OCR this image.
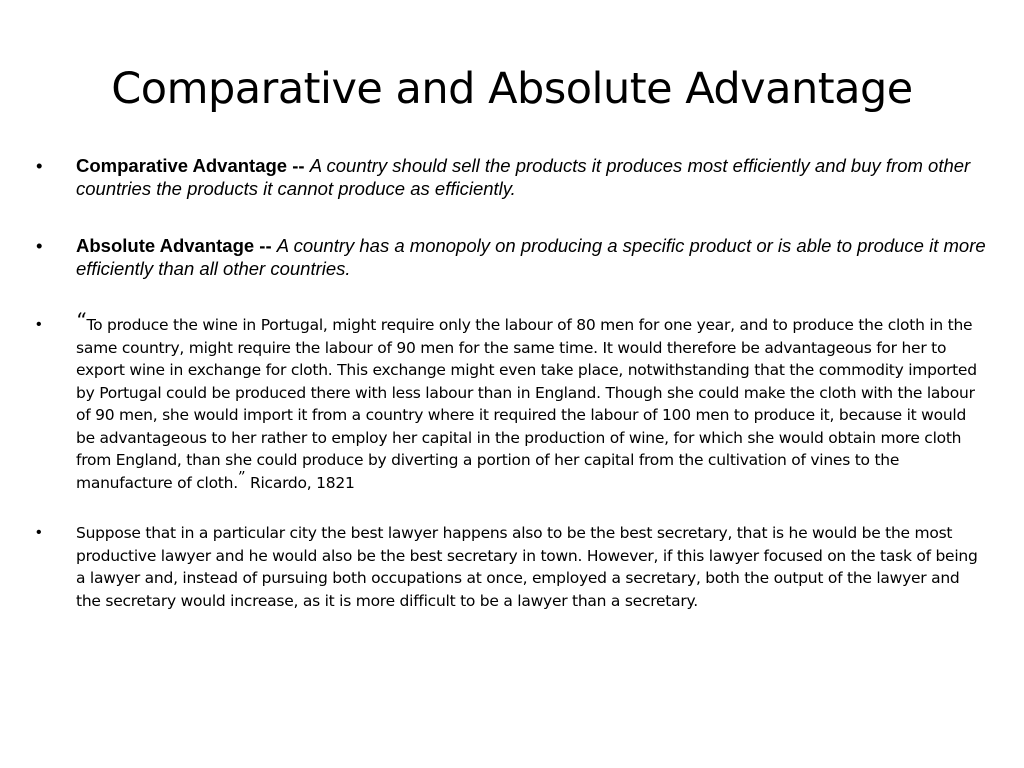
Comparative and Absolute Advantage
• Comparative Advantage -- A country should sell the products it produces most efficiently and buy from other countries the products it cannot produce as efficiently.
• Absolute Advantage -- A country has a monopoly on producing a specific product or is able to produce it more efficiently than all other countries.
• “To produce the wine in Portugal, might require only the labour of 80 men for one year, and to produce the cloth in the same country, might require the labour of 90 men for the same time. It would therefore be advantageous for her to export wine in exchange for cloth. This exchange might even take place, notwithstanding that the commodity imported by Portugal could be produced there with less labour than in England. Though she could make the cloth with the labour of 90 men, she would import it from a country where it required the labour of 100 men to produce it, because it would be advantageous to her rather to employ her capital in the production of wine, for which she would obtain more cloth from England, than she could produce by diverting a portion of her capital from the cultivation of vines to the manufacture of cloth.” Ricardo, 1821
• Suppose that in a particular city the best lawyer happens also to be the best secretary, that is he would be the most productive lawyer and he would also be the best secretary in town. However, if this lawyer focused on the task of being a lawyer and, instead of pursuing both occupations at once, employed a secretary, both the output of the lawyer and the secretary would increase, as it is more difficult to be a lawyer than a secretary.
